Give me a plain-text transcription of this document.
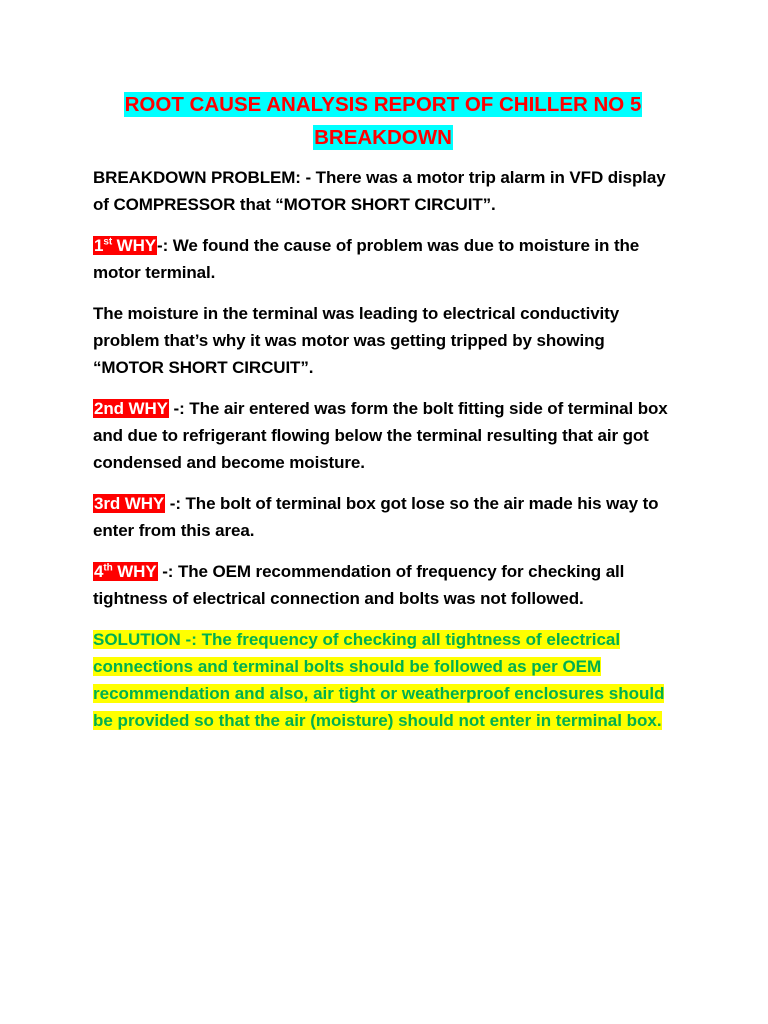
ROOT CAUSE ANALYSIS REPORT OF CHILLER NO 5
BREAKDOWN

BREAKDOWN PROBLEM: - There was a motor trip alarm in VFD display of COMPRESSOR that “MOTOR SHORT CIRCUIT”.

1st WHY-: We found the cause of problem was due to moisture in the motor terminal.

The moisture in the terminal was leading to electrical conductivity problem that’s why it was motor was getting tripped by showing “MOTOR SHORT CIRCUIT”.

2nd WHY -: The air entered was form the bolt fitting side of terminal box and due to refrigerant flowing below the terminal resulting that air got condensed and become moisture.

3rd WHY -: The bolt of terminal box got lose so the air made his way to enter from this area.

4th WHY -: The OEM recommendation of frequency for checking all tightness of electrical connection and bolts was not followed.

SOLUTION -: The frequency of checking all tightness of electrical connections and terminal bolts should be followed as per OEM recommendation and also, air tight or weatherproof enclosures should be provided so that the air (moisture) should not enter in terminal box.
